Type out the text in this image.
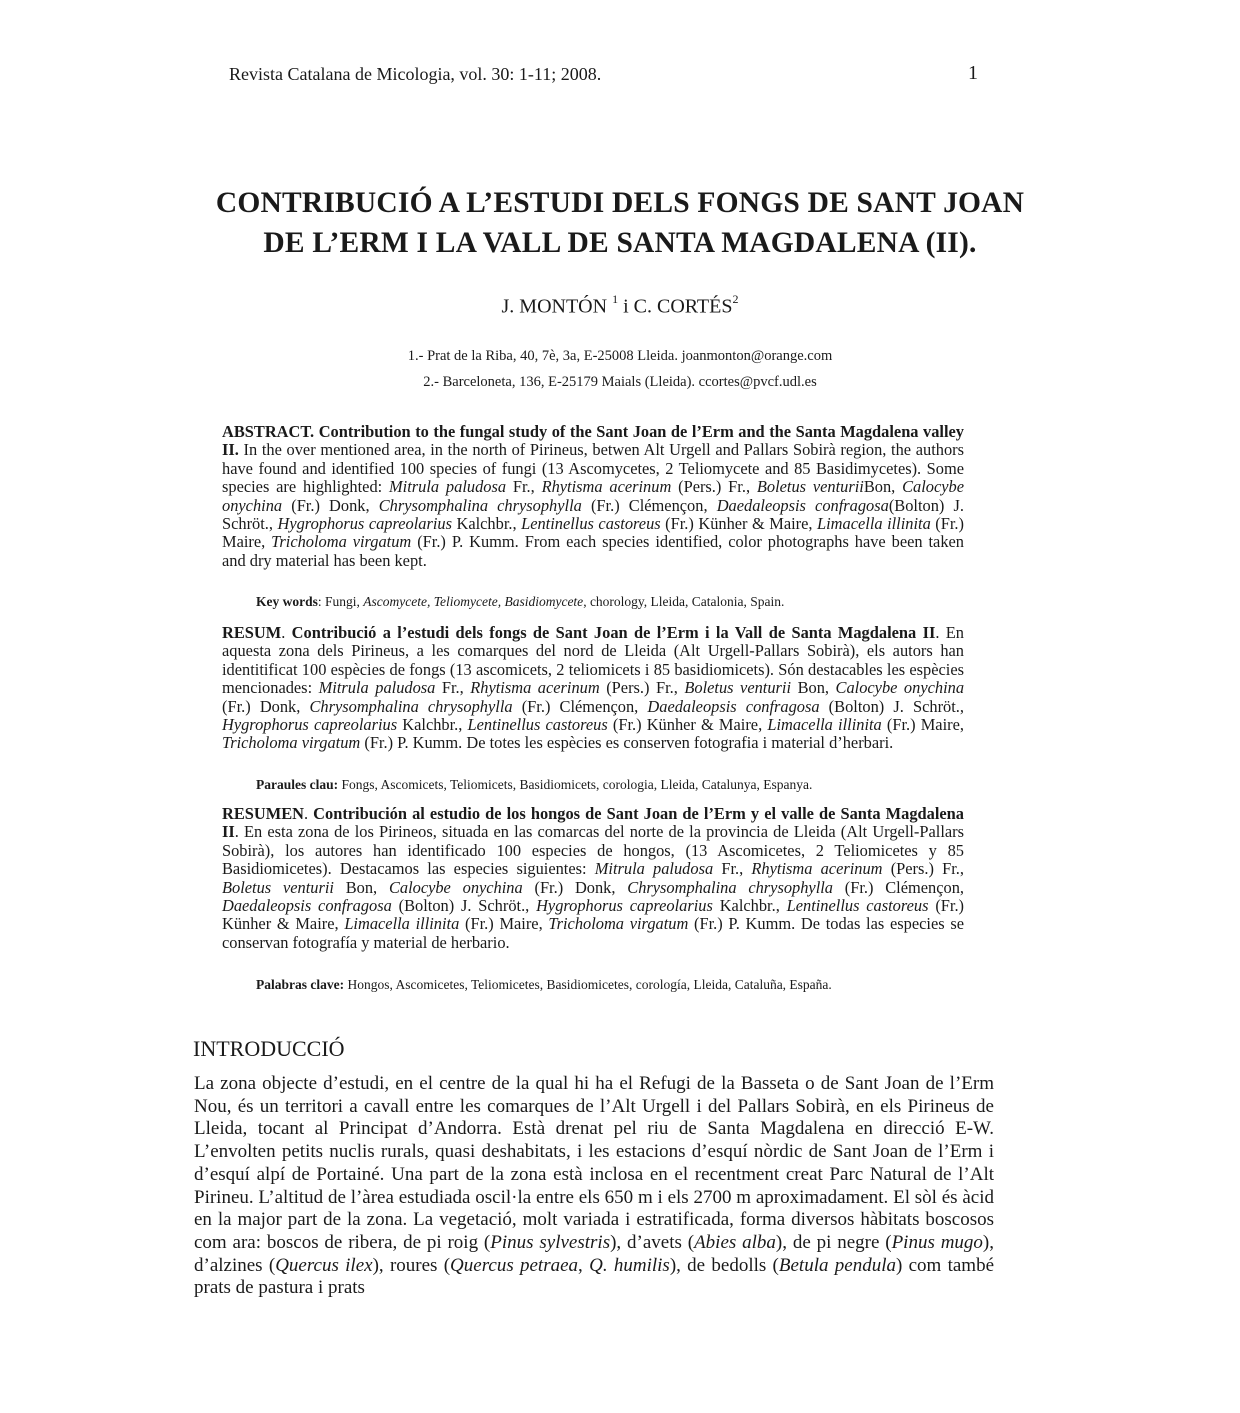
Revista Catalana de Micologia, vol. 30: 1-11; 2008.	1
CONTRIBUCIÓ A L’ESTUDI DELS FONGS DE SANT JOAN
DE L’ERM I LA VALL DE SANTA MAGDALENA (II).
J. MONTÓN $^1$ i C. CORTÉS$^2$
1.- Prat de la Riba, 40, 7è, 3a, E-25008 Lleida. joanmonton@orange.com
2.- Barceloneta, 136, E-25179 Maials (Lleida). ccortes@pvcf.udl.es
ABSTRACT. Contribution to the fungal study of the Sant Joan de l’Erm and the Santa Magdalena valley II. In the over mentioned area, in the north of Pirineus, betwen Alt Urgell and Pallars Sobirà region, the authors have found and identified 100 species of fungi (13 Ascomycetes, 2 Teliomycete and 85 Basidimycetes). Some species are highlighted: Mitrula paludosa Fr., Rhytisma acerinum (Pers.) Fr., Boletus venturiiBon, Calocybe onychina (Fr.) Donk, Chrysomphalina chrysophylla (Fr.) Clémençon, Daedaleopsis confragosa(Bolton) J. Schröt., Hygrophorus capreolarius Kalchbr., Lentinellus castoreus (Fr.) Künher & Maire, Limacella illinita (Fr.) Maire, Tricholoma virgatum (Fr.) P. Kumm. From each species identified, color photographs have been taken and dry material has been kept.
Key words: Fungi, Ascomycete, Teliomycete, Basidiomycete, chorology, Lleida, Catalonia, Spain.
RESUM. Contribució a l’estudi dels fongs de Sant Joan de l’Erm i la Vall de Santa Magdalena II. En aquesta zona dels Pirineus, a les comarques del nord de Lleida (Alt Urgell-Pallars Sobirà), els autors han identitificat 100 espècies de fongs (13 ascomicets, 2 teliomicets i 85 basidiomicets). Són destacables les espècies mencionades: Mitrula paludosa Fr., Rhytisma acerinum (Pers.) Fr., Boletus venturii Bon, Calocybe onychina (Fr.) Donk, Chrysomphalina chrysophylla (Fr.) Clémençon, Daedaleopsis confragosa (Bolton) J. Schröt., Hygrophorus capreolarius Kalchbr., Lentinellus castoreus (Fr.) Künher & Maire, Limacella illinita (Fr.) Maire, Tricholoma virgatum (Fr.) P. Kumm. De totes les espècies es conserven fotografia i material d’herbari.
Paraules clau: Fongs, Ascomicets, Teliomicets, Basidiomicets, corologia, Lleida, Catalunya, Espanya.
RESUMEN. Contribución al estudio de los hongos de Sant Joan de l’Erm y el valle de Santa Magdalena II. En esta zona de los Pirineos, situada en las comarcas del norte de la provincia de Lleida (Alt Urgell-Pallars Sobirà), los autores han identificado 100 especies de hongos, (13 Ascomicetes, 2 Teliomicetes y 85 Basidiomicetes). Destacamos las especies siguientes: Mitrula paludosa Fr., Rhytisma acerinum (Pers.) Fr., Boletus venturii Bon, Calocybe onychina (Fr.) Donk, Chrysomphalina chrysophylla (Fr.) Clémençon, Daedaleopsis confragosa (Bolton) J. Schröt., Hygrophorus capreolarius Kalchbr., Lentinellus castoreus (Fr.) Künher & Maire, Limacella illinita (Fr.) Maire, Tricholoma virgatum (Fr.) P. Kumm. De todas las especies se conservan fotografía y material de herbario.
Palabras clave: Hongos, Ascomicetes, Teliomicetes, Basidiomicetes, corología, Lleida, Cataluña, España.
INTRODUCCIÓ
La zona objecte d’estudi, en el centre de la qual hi ha el Refugi de la Basseta o de Sant Joan de l’Erm Nou, és un territori a cavall entre les comarques de l’Alt Urgell i del Pallars Sobirà, en els Pirineus de Lleida, tocant al Principat d’Andorra. Està drenat pel riu de Santa Magdalena en direcció E-W. L’envolten petits nuclis rurals, quasi deshabitats, i les estacions d’esquí nòrdic de Sant Joan de l’Erm i d’esquí alpí de Portainé. Una part de la zona està inclosa en el recentment creat Parc Natural de l’Alt Pirineu. L’altitud de l’àrea estudiada oscil·la entre els 650 m i els 2700 m aproximadament. El sòl és àcid en la major part de la zona. La vegetació, molt variada i estratificada, forma diversos hàbitats boscosos com ara: boscos de ribera, de pi roig (Pinus sylvestris), d’avets (Abies alba), de pi negre (Pinus mugo), d’alzines (Quercus ilex), roures (Quercus petraea, Q. humilis), de bedolls (Betula pendula) com també prats de pastura i prats
